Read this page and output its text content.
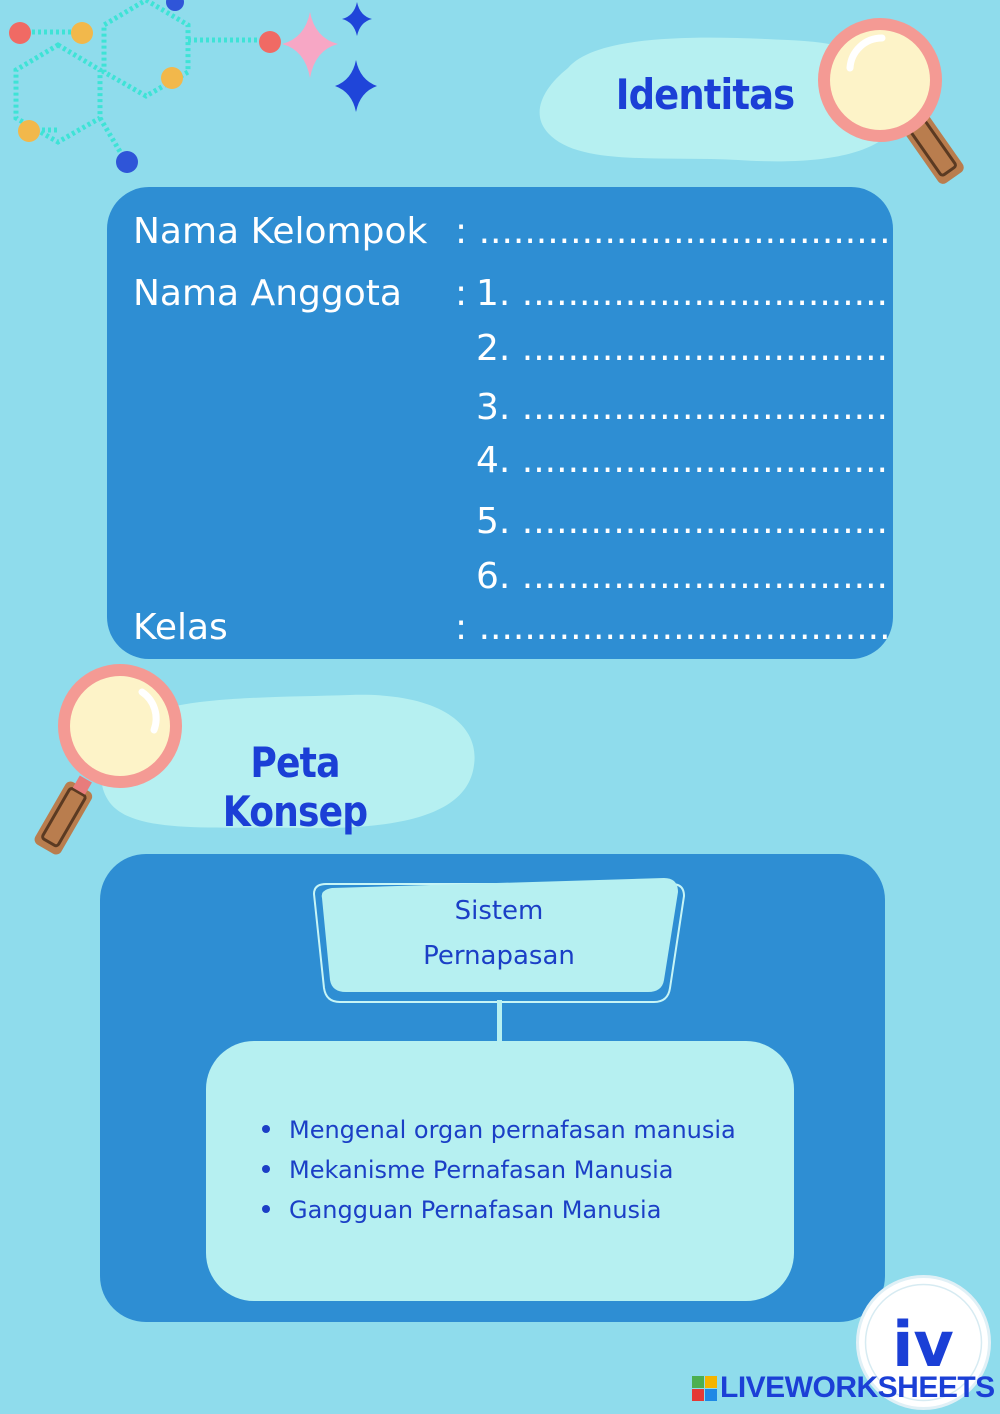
Identitas
Nama Kelompok : ....................................
Nama Anggota : 1. ................................
2. ................................
3. ................................
4. ................................
5. ................................
6. ................................
Kelas	: ....................................
Peta Konsep
Sistem
Pernapasan
Mengenal organ pernafasan manusia
Mekanisme Pernafasan Manusia
Gangguan Pernafasan Manusia
iv
LIVEWORKSHEETS
